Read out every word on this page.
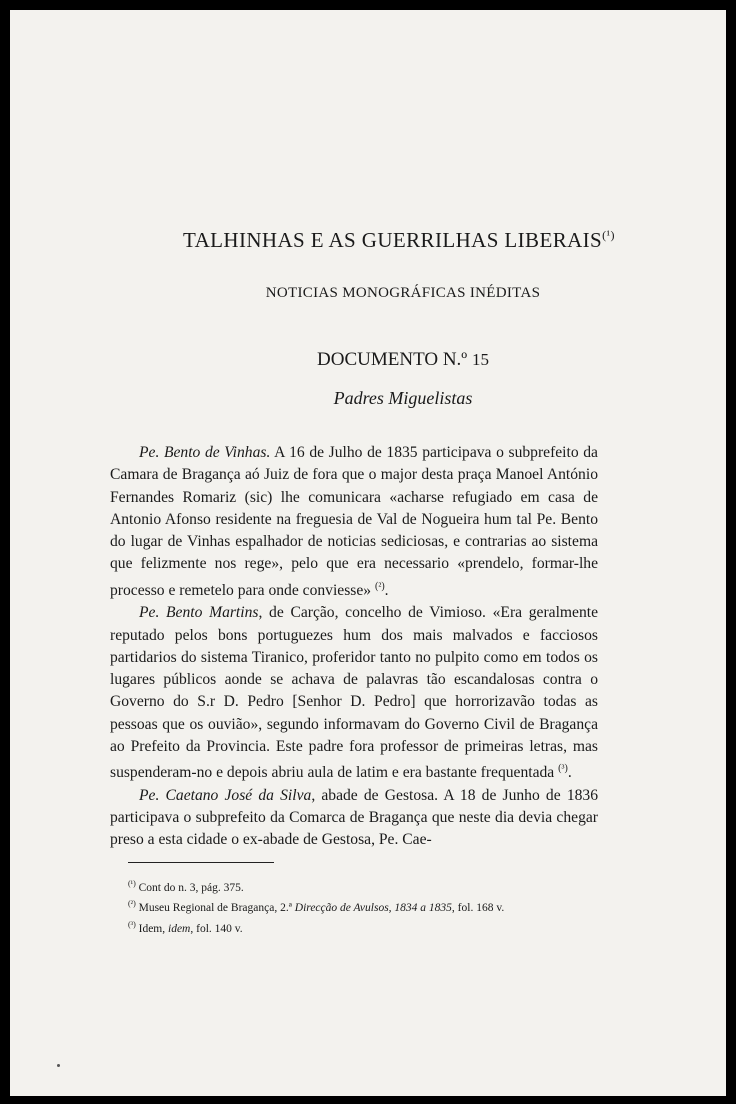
TALHINHAS E AS GUERRILHAS $LIBERAIS^{(^1)}$
NOTICIAS MONOGRÁFICAS INÉDITAS
DOCUMENTO N.º 15
Padres Miguelistas

Pe. Bento de Vinhas. A 16 de Julho de 1835 participava o subprefeito da Camara de Bragança aó Juiz de fora que o major desta praça Manoel António Fernandes Romariz (sic) lhe comunicara «acharse refugiado em casa de Antonio Afonso residente na freguesia de Val de Nogueira hum tal Pe. Bento do lugar de Vinhas espalhador de noticias sediciosas, e contrarias ao sistema que felizmente nos rege», pelo que era necessario «prendelo, formar-lhe processo e remetelo para onde conviesse» $^{(^2)}$.

Pe. Bento Martins, de Carção, concelho de Vimioso. «Era geralmente reputado pelos bons portuguezes hum dos mais malvados e facciosos partidarios do sistema Tiranico, proferidor tanto no pulpito como em todos os lugares públicos aonde se achava de palavras tão escandalosas contra o Governo do S.r D. Pedro [Senhor D. Pedro] que horrorizavão todas as pessoas que os ouvião», segundo informavam do Governo Civil de Bragança ao Prefeito da Provincia. Este padre fora professor de primeiras letras, mas suspenderam-no e depois abriu aula de latim e era bastante frequentada $^{(^3)}$.

Pe. Caetano José da Silva, abade de Gestosa. A 18 de Junho de 1836 participava o subprefeito da Comarca de Bragança que neste dia devia chegar preso a esta cidade o ex-abade de Gestosa, Pe. Cae-

$^{(^1)}$ Cont do n. 3, pág. 375.
$^{(^2)}$ Museu Regional de Bragança, 2.ª Direcção de Avulsos, 1834 a 1835, fol. 168 v.
$^{(^3)}$ Idem, idem, fol. 140 v.
